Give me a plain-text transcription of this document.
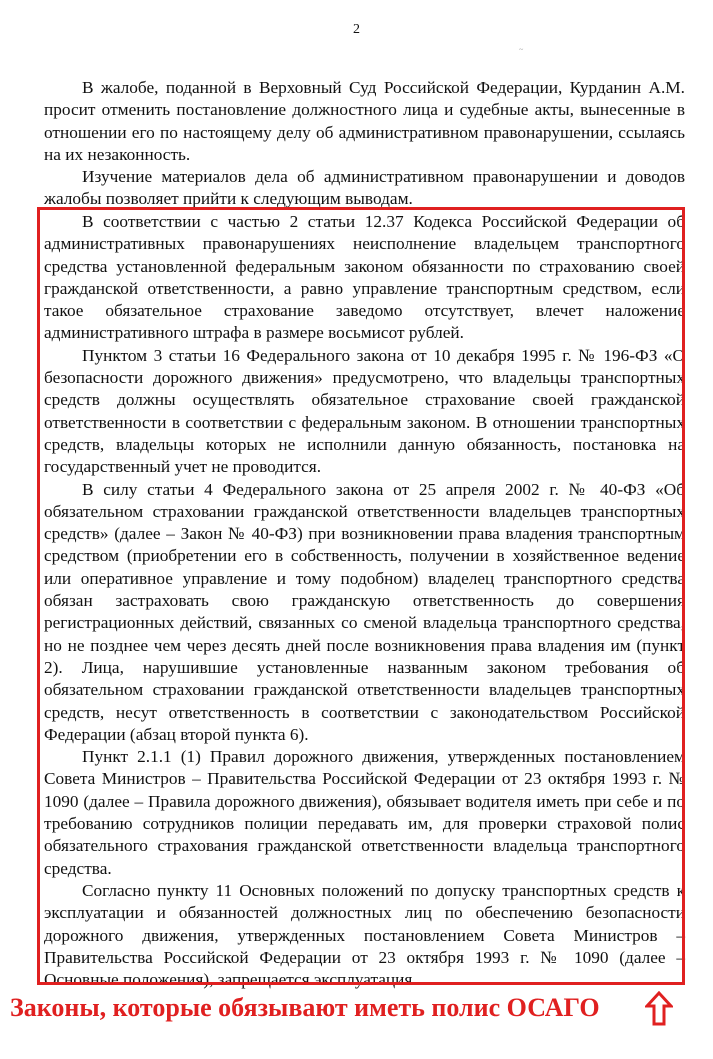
2
~

В жалобе, поданной в Верховный Суд Российской Федерации, Курданин А.М. просит отменить постановление должностного лица и судебные акты, вынесенные в отношении его по настоящему делу об административном правонарушении, ссылаясь на их незаконность.

Изучение материалов дела об административном правонарушении и доводов жалобы позволяет прийти к следующим выводам.

В соответствии с частью 2 статьи 12.37 Кодекса Российской Федерации об административных правонарушениях неисполнение владельцем транспортного средства установленной федеральным законом обязанности по страхованию своей гражданской ответственности, а равно управление транспортным средством, если такое обязательное страхование заведомо отсутствует, влечет наложение административного штрафа в размере восьмисот рублей.

Пунктом 3 статьи 16 Федерального закона от 10 декабря 1995 г. № 196-ФЗ «О безопасности дорожного движения» предусмотрено, что владельцы транспортных средств должны осуществлять обязательное страхование своей гражданской ответственности в соответствии с федеральным законом. В отношении транспортных средств, владельцы которых не исполнили данную обязанность, постановка на государственный учет не проводится.

В силу статьи 4 Федерального закона от 25 апреля 2002 г. № 40-ФЗ «Об обязательном страховании гражданской ответственности владельцев транспортных средств» (далее – Закон № 40-ФЗ) при возникновении права владения транспортным средством (приобретении его в собственность, получении в хозяйственное ведение или оперативное управление и тому подобном) владелец транспортного средства обязан застраховать свою гражданскую ответственность до совершения регистрационных действий, связанных со сменой владельца транспортного средства, но не позднее чем через десять дней после возникновения права владения им (пункт 2). Лица, нарушившие установленные названным законом требования об обязательном страховании гражданской ответственности владельцев транспортных средств, несут ответственность в соответствии с законодательством Российской Федерации (абзац второй пункта 6).

Пункт 2.1.1 (1) Правил дорожного движения, утвержденных постановлением Совета Министров – Правительства Российской Федерации от 23 октября 1993 г. № 1090 (далее – Правила дорожного движения), обязывает водителя иметь при себе и по требованию сотрудников полиции передавать им, для проверки страховой полис обязательного страхования гражданской ответственности владельца транспортного средства.

Согласно пункту 11 Основных положений по допуску транспортных средств к эксплуатации и обязанностей должностных лиц по обеспечению безопасности дорожного движения, утвержденных постановлением Совета Министров – Правительства Российской Федерации от 23 октября 1993 г. № 1090 (далее – Основные положения), запрещается эксплуатация

Законы, которые обязывают иметь полис ОСАГО
